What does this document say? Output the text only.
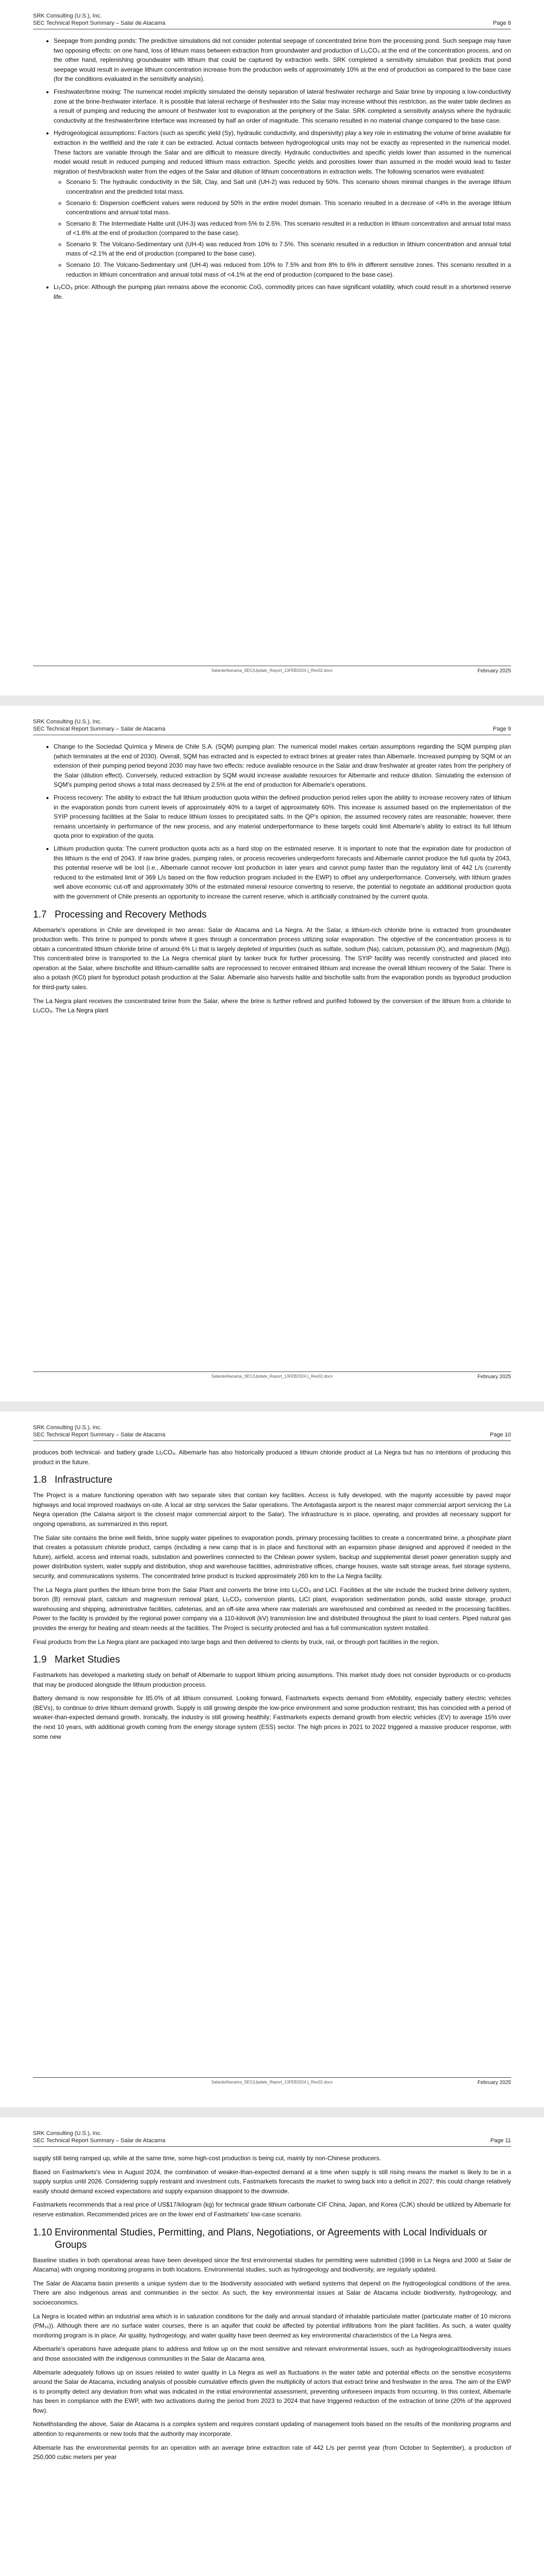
SRK Consulting (U.S.), Inc.
SEC Technical Report Summary – Salar de Atacama	Page 8
• Seepage from ponding ponds: The predictive simulations did not consider potential seepage of concentrated brine from the processing pond. Such seepage may have two opposing effects: on one hand, loss of lithium mass between extraction from groundwater and production of Li₂CO₃ at the end of the concentration process, and on the other hand, replenishing groundwater with lithium that could be captured by extraction wells. SRK completed a sensitivity simulation that predicts that pond seepage would result in average lithium concentration increase from the production wells of approximately 10% at the end of production as compared to the base case (for the conditions evaluated in the sensitivity analysis).
• Freshwater/brine mixing: The numerical model implicitly simulated the density separation of lateral freshwater recharge and Salar brine by imposing a low-conductivity zone at the brine-freshwater interface. It is possible that lateral recharge of freshwater into the Salar may increase without this restriction, as the water table declines as a result of pumping and reducing the amount of freshwater lost to evaporation at the periphery of the Salar. SRK completed a sensitivity analysis where the hydraulic conductivity at the freshwater/brine interface was increased by half an order of magnitude. This scenario resulted in no material change compared to the base case.
• Hydrogeological assumptions: Factors (such as specific yield (Sy), hydraulic conductivity, and dispersivity) play a key role in estimating the volume of brine available for extraction in the wellfield and the rate it can be extracted. Actual contacts between hydrogeological units may not be exactly as represented in the numerical model. These factors are variable through the Salar and are difficult to measure directly. Hydraulic conductivities and specific yields lower than assumed in the numerical model would result in reduced pumping and reduced lithium mass extraction. Specific yields and porosities lower than assumed in the model would lead to faster migration of fresh/brackish water from the edges of the Salar and dilution of lithium concentrations in extraction wells. The following scenarios were evaluated:
◦ Scenario 5: The hydraulic conductivity in the Silt, Clay, and Salt unit (UH-2) was reduced by 50%. This scenario shows minimal changes in the average lithium concentration and the predicted total mass.
◦ Scenario 6: Dispersion coefficient values were reduced by 50% in the entire model domain. This scenario resulted in a decrease of <4% in the average lithium concentrations and annual total mass.
◦ Scenario 8: The Intermediate Halite unit (UH-3) was reduced from 5% to 2.5%. This scenario resulted in a reduction in lithium concentration and annual total mass of <1.6% at the end of production (compared to the base case).
◦ Scenario 9: The Volcano-Sedimentary unit (UH-4) was reduced from 10% to 7.5%. This scenario resulted in a reduction in lithium concentration and annual total mass of <2.1% at the end of production (compared to the base case).
◦ Scenario 10: The Volcano-Sedimentary unit (UH-4) was reduced from 10% to 7.5% and from 8% to 6% in different sensitive zones. This scenario resulted in a reduction in lithium concentration and annual total mass of <4.1% at the end of production (compared to the base case).
• Li₂CO₃ price: Although the pumping plan remains above the economic CoG, commodity prices can have significant volatility, which could result in a shortened reserve life.
SalardeAtacama_SEC(Update_Report_13FEB2024.)_Rev02.docx	February 2025
SRK Consulting (U.S.), Inc.
SEC Technical Report Summary – Salar de Atacama	Page 9
• Change to the Sociedad Química y Minera de Chile S.A. (SQM) pumping plan: The numerical model makes certain assumptions regarding the SQM pumping plan (which terminates at the end of 2030). Overall, SQM has extracted and is expected to extract brines at greater rates than Albemarle. Increased pumping by SQM or an extension of their pumping period beyond 2030 may have two effects: reduce available resource in the Salar and draw freshwater at greater rates from the periphery of the Salar (dilution effect). Conversely, reduced extraction by SQM would increase available resources for Albemarle and reduce dilution. Simulating the extension of SQM's pumping period shows a total mass decreased by 2.5% at the end of production for Albemarle's operations.
• Process recovery: The ability to extract the full lithium production quota within the defined production period relies upon the ability to increase recovery rates of lithium in the evaporation ponds from current levels of approximately 40% to a target of approximately 60%. This increase is assumed based on the implementation of the SYIP processing facilities at the Salar to reduce lithium losses to precipitated salts. In the QP's opinion, the assumed recovery rates are reasonable; however, there remains uncertainty in performance of the new process, and any material underperformance to these targets could limit Albemarle's ability to extract its full lithium quota prior to expiration of the quota.
• Lithium production quota: The current production quota acts as a hard stop on the estimated reserve. It is important to note that the expiration date for production of this lithium is the end of 2043. If raw brine grades, pumping rates, or process recoveries underperform forecasts and Albemarle cannot produce the full quota by 2043, this potential reserve will be lost (i.e., Albemarle cannot recover lost production in later years and cannot pump faster than the regulatory limit of 442 L/s (currently reduced to the estimated limit of 369 L/s based on the flow reduction program included in the EWP) to offset any underperformance. Conversely, with lithium grades well above economic cut-off and approximately 30% of the estimated mineral resource converting to reserve, the potential to negotiate an additional production quota with the government of Chile presents an opportunity to increase the current reserve, which is artificially constrained by the current quota.
1.7 Processing and Recovery Methods

Albemarle's operations in Chile are developed in two areas: Salar de Atacama and La Negra. At the Salar, a lithium-rich chloride brine is extracted from groundwater production wells. This brine is pumped to ponds where it goes through a concentration process utilizing solar evaporation. The objective of the concentration process is to obtain a concentrated lithium chloride brine of around 6% Li that is largely depleted of impurities (such as sulfate, sodium (Na), calcium, potassium (K), and magnesium (Mg)). This concentrated brine is transported to the La Negra chemical plant by tanker truck for further processing. The SYIP facility was recently constructed and placed into operation at the Salar, where bischofite and lithium-carnallite salts are reprocessed to recover entrained lithium and increase the overall lithium recovery of the Salar. There is also a potash (KCl) plant for byproduct potash production at the Salar. Albemarle also harvests halite and bischofite salts from the evaporation ponds as byproduct production for third-party sales.

The La Negra plant receives the concentrated brine from the Salar, where the brine is further refined and purified followed by the conversion of the lithium from a chloride to Li₂CO₃. The La Negra plant

SalardeAtacama_SEC(Update_Report_13FEB2024.)_Rev02.docx	February 2025
SRK Consulting (U.S.), Inc.
SEC Technical Report Summary – Salar de Atacama	Page 10

produces both technical- and battery grade Li₂CO₃. Albemarle has also historically produced a lithium chloride product at La Negra but has no intentions of producing this product in the future.

1.8 Infrastructure

The Project is a mature functioning operation with two separate sites that contain key facilities. Access is fully developed, with the majority accessible by paved major highways and local improved roadways on-site. A local air strip services the Salar operations. The Antofagasta airport is the nearest major commercial airport servicing the La Negra operation (the Calama airport is the closest major commercial airport to the Salar). The infrastructure is in place, operating, and provides all necessary support for ongoing operations, as summarized in this report.

The Salar site contains the brine well fields, brine supply water pipelines to evaporation ponds, primary processing facilities to create a concentrated brine, a phosphate plant that creates a potassium chloride product, camps (including a new camp that is in place and functional with an expansion phase designed and approved if needed in the future), airfield, access and internal roads, substation and powerlines connected to the Chilean power system, backup and supplemental diesel power generation supply and power distribution system, water supply and distribution, shop and warehouse facilities, administrative offices, change houses, waste salt storage areas, fuel storage systems, security, and communications systems. The concentrated brine product is trucked approximately 260 km to the La Negra facility.

The La Negra plant purifies the lithium brine from the Salar Plant and converts the brine into Li₂CO₃ and LiCl. Facilities at the site include the trucked brine delivery system, boron (B) removal plant, calcium and magnesium removal plant, Li₂CO₃ conversion plants, LiCl plant, evaporation sedimentation ponds, solid waste storage, product warehousing and shipping, administrative facilities, cafeterias, and an off-site area where raw materials are warehoused and combined as needed in the processing facilities. Power to the facility is provided by the regional power company via a 110-kilovolt (kV) transmission line and distributed throughout the plant to load centers. Piped natural gas provides the energy for heating and steam needs at the facilities. The Project is security protected and has a full communication system installed.

Final products from the La Negra plant are packaged into large bags and then delivered to clients by truck, rail, or through port facilities in the region.

1.9 Market Studies

Fastmarkets has developed a marketing study on behalf of Albemarle to support lithium pricing assumptions. This market study does not consider byproducts or co-products that may be produced alongside the lithium production process.

Battery demand is now responsible for 85.0% of all lithium consumed. Looking forward, Fastmarkets expects demand from eMobility, especially battery electric vehicles (BEVs), to continue to drive lithium demand growth. Supply is still growing despite the low-price environment and some production restraint; this has coincided with a period of weaker-than-expected demand growth. Ironically, the industry is still growing healthily; Fastmarkets expects demand growth from electric vehicles (EV) to average 15% over the next 10 years, with additional growth coming from the energy storage system (ESS) sector. The high prices in 2021 to 2022 triggered a massive producer response, with some new

SalardeAtacama_SEC(Update_Report_13FEB2024.)_Rev02.docx	February 2025
SRK Consulting (U.S.), Inc.
SEC Technical Report Summary – Salar de Atacama	Page 11

supply still being ramped up, while at the same time, some high-cost production is being cut, mainly by non-Chinese producers.

Based on Fastmarkets's view in August 2024, the combination of weaker-than-expected demand at a time when supply is still rising means the market is likely to be in a supply surplus until 2026. Considering supply restraint and investment cuts, Fastmarkets forecasts the market to swing back into a deficit in 2027; this could change relatively easily should demand exceed expectations and supply expansion disappoint to the downside.

Fastmarkets recommends that a real price of US$17/kilogram (kg) for technical grade lithium carbonate CIF China, Japan, and Korea (CJK) should be utilized by Albemarle for reserve estimation. Recommended prices are on the lower end of Fastmarkets' low-case scenario.

1.10 Environmental Studies, Permitting, and Plans, Negotiations, or Agreements with Local Individuals or Groups

Baseline studies in both operational areas have been developed since the first environmental studies for permitting were submitted (1998 in La Negra and 2000 at Salar de Atacama) with ongoing monitoring programs in both locations. Environmental studies, such as hydrogeology and biodiversity, are regularly updated.

The Salar de Atacama basin presents a unique system due to the biodiversity associated with wetland systems that depend on the hydrogeological conditions of the area. There are also indigenous areas and communities in the sector. As such, the key environmental issues at Salar de Atacama include biodiversity, hydrogeology, and socioeconomics.

La Negra is located within an industrial area which is in saturation conditions for the daily and annual standard of inhalable particulate matter (particulate matter of 10 microns (PM₁₀)). Although there are no surface water courses, there is an aquifer that could be affected by potential infiltrations from the plant facilities. As such, a water quality monitoring program is in place. Air quality, hydrogeology, and water quality have been deemed as key environmental characteristics of the La Negra area.

Albemarle's operations have adequate plans to address and follow up on the most sensitive and relevant environmental issues, such as hydrogeological/biodiversity issues and those associated with the indigenous communities in the Salar de Atacama area.

Albemarle adequately follows up on issues related to water quality in La Negra as well as fluctuations in the water table and potential effects on the sensitive ecosystems around the Salar de Atacama, including analysis of possible cumulative effects given the multiplicity of actors that extract brine and freshwater in the area. The aim of the EWP is to promptly detect any deviation from what was indicated in the initial environmental assessment, preventing unforeseen impacts from occurring. In this context, Albemarle has been in compliance with the EWP, with two activations during the period from 2023 to 2024 that have triggered reduction of the extraction of brine (20% of the approved flow).

Notwithstanding the above, Salar de Atacama is a complex system and requires constant updating of management tools based on the results of the monitoring programs and attention to requirements or new tools that the authority may incorporate.

Albemarle has the environmental permits for an operation with an average brine extraction rate of 442 L/s per permit year (from October to September), a production of 250,000 cubic meters per year
